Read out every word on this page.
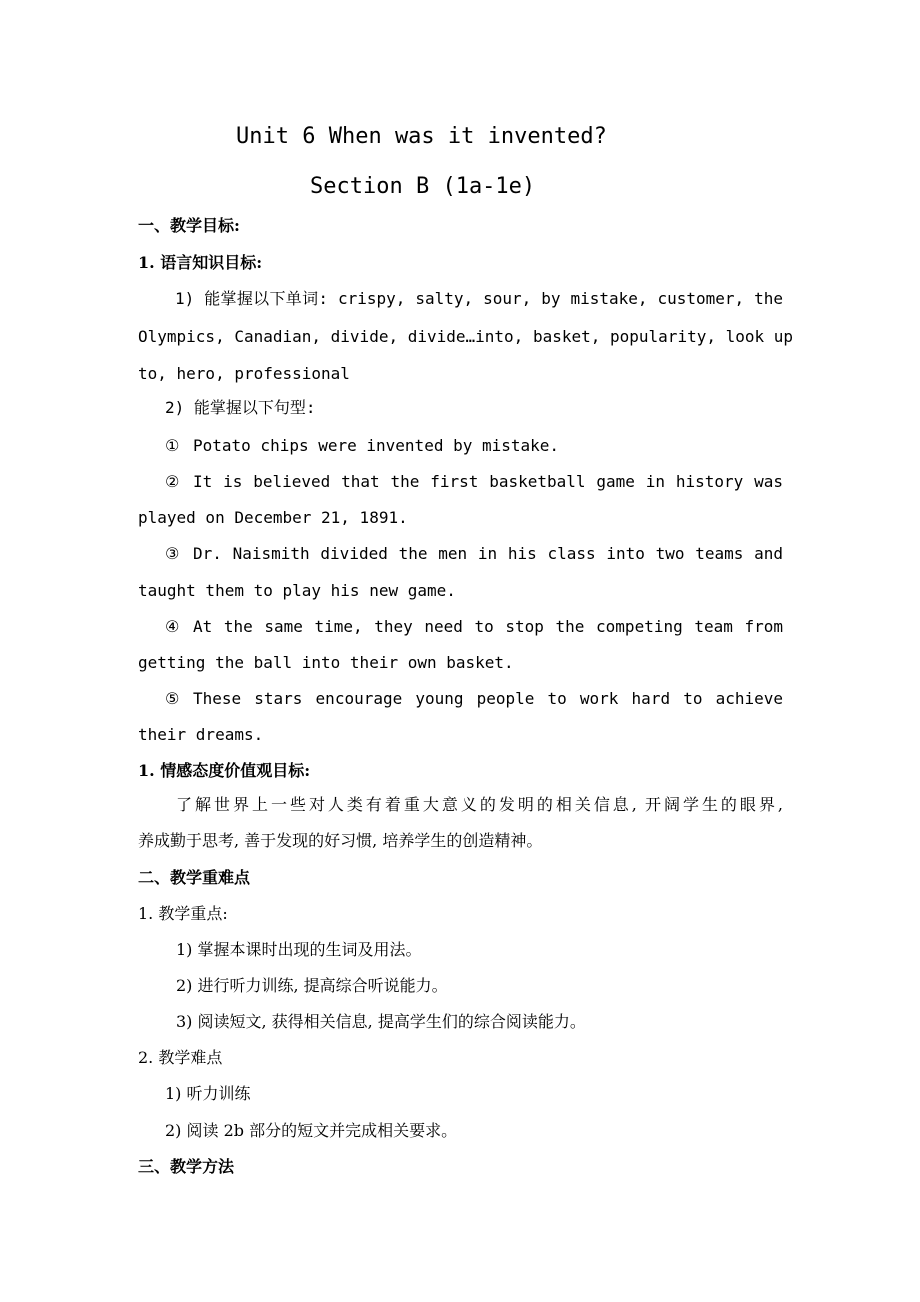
Unit 6 When was it invented?
Section B (1a-1e)
一、教学目标:
1. 语言知识目标:
1) 能掌握以下单词: crispy, salty, sour, by mistake, customer, the
Olympics, Canadian, divide, divide…into, basket, popularity, look up
to, hero, professional
2) 能掌握以下句型:
① Potato chips were invented by mistake.
② It is believed that the first basketball game in history was
played on December 21, 1891.
③ Dr. Naismith divided the men in his class into two teams and
taught them to play his new game.
④ At the same time, they need to stop the competing team from
getting the ball into their own basket.
⑤ These stars encourage young people to work hard to achieve
their dreams.
1. 情感态度价值观目标:
了解世界上一些对人类有着重大意义的发明的相关信息, 开阔学生的眼界,
养成勤于思考, 善于发现的好习惯, 培养学生的创造精神。
二、教学重难点
1. 教学重点:
1) 掌握本课时出现的生词及用法。
2) 进行听力训练, 提高综合听说能力。
3) 阅读短文, 获得相关信息, 提高学生们的综合阅读能力。
2. 教学难点
1) 听力训练
2) 阅读 2b 部分的短文并完成相关要求。
三、教学方法
